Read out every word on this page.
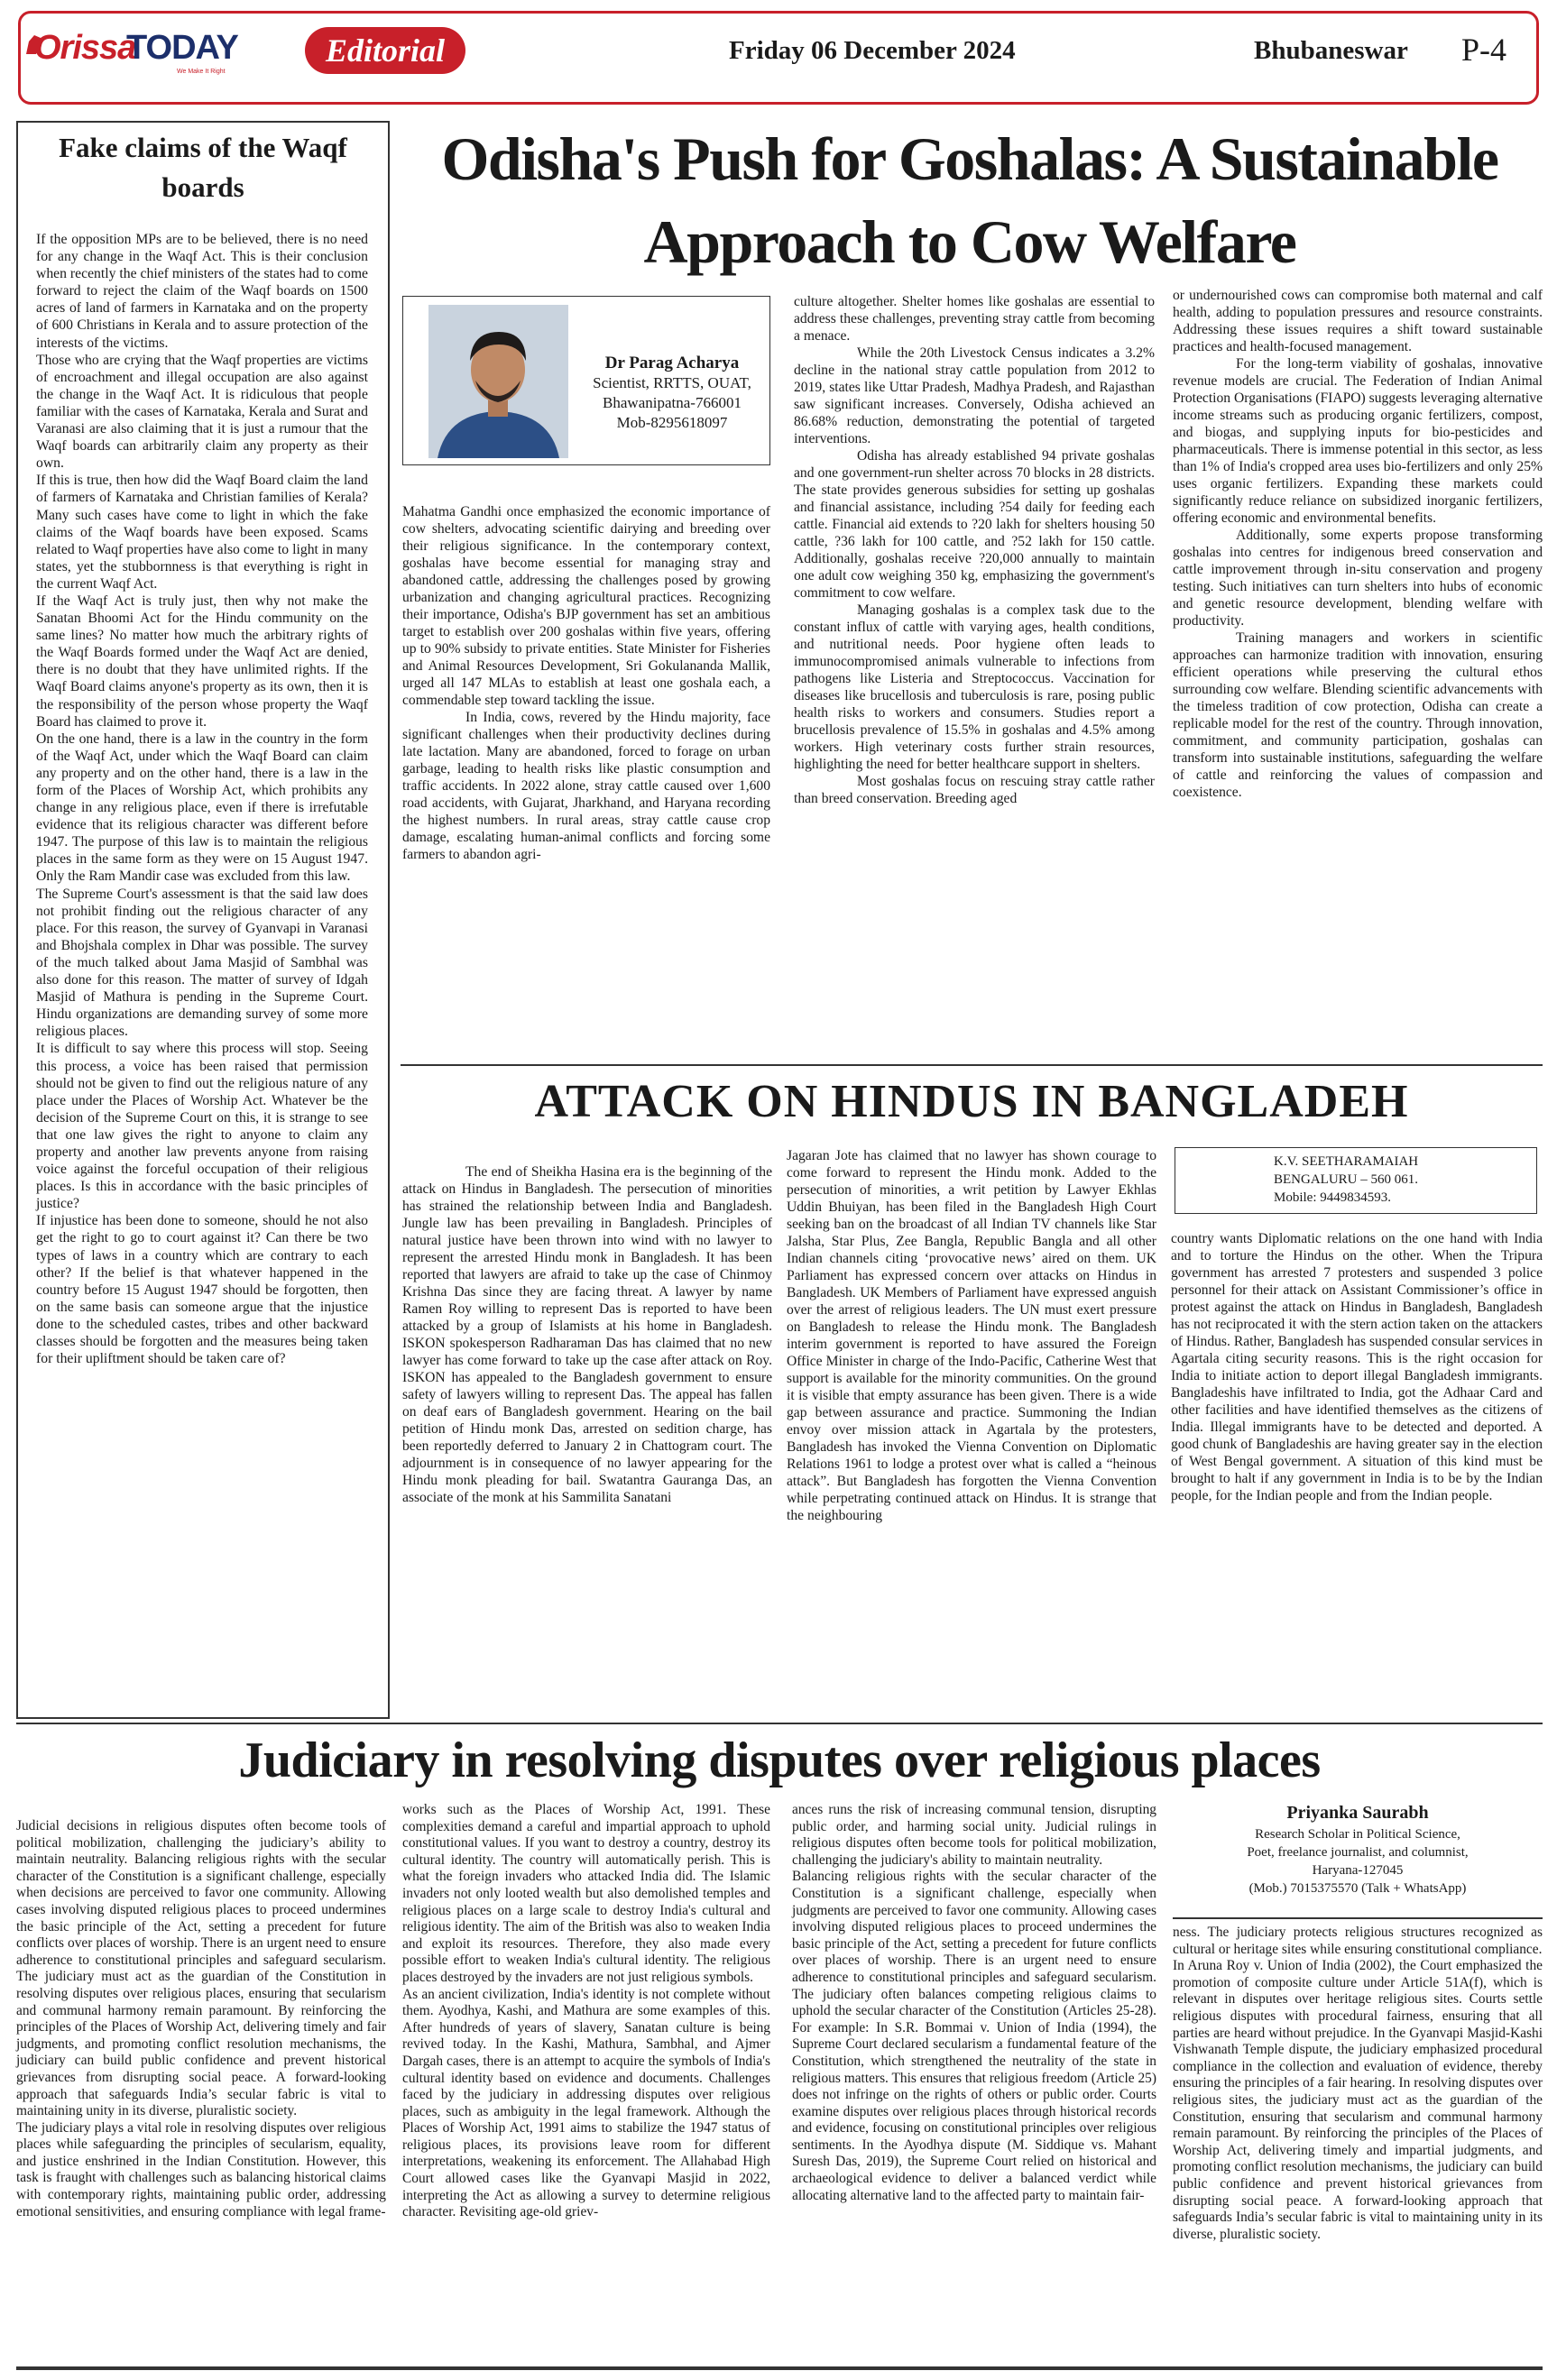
Orissa
TODAY
We Make It Right
Editorial	Friday 06 December 2024	Bhubaneswar P-4
Fake claims of the Waqf boards

If the opposition MPs are to be believed, there is no need for any change in the Waqf Act. This is their conclusion when recently the chief ministers of the states had to come forward to reject the claim of the Waqf boards on 1500 acres of land of farmers in Karnataka and on the property of 600 Christians in Kerala and to assure protection of the interests of the victims.

Those who are crying that the Waqf properties are victims of encroachment and illegal occupation are also against the change in the Waqf Act. It is ridiculous that people familiar with the cases of Karnataka, Kerala and Surat and Varanasi are also claiming that it is just a rumour that the Waqf boards can arbitrarily claim any property as their own.

If this is true, then how did the Waqf Board claim the land of farmers of Karnataka and Christian families of Kerala? Many such cases have come to light in which the fake claims of the Waqf boards have been exposed. Scams related to Waqf properties have also come to light in many states, yet the stubbornness is that everything is right in the current Waqf Act.

If the Waqf Act is truly just, then why not make the Sanatan Bhoomi Act for the Hindu community on the same lines? No matter how much the arbitrary rights of the Waqf Boards formed under the Waqf Act are denied, there is no doubt that they have unlimited rights. If the Waqf Board claims anyone's property as its own, then it is the responsibility of the person whose property the Waqf Board has claimed to prove it.

On the one hand, there is a law in the country in the form of the Waqf Act, under which the Waqf Board can claim any property and on the other hand, there is a law in the form of the Places of Worship Act, which prohibits any change in any religious place, even if there is irrefutable evidence that its religious character was different before 1947. The purpose of this law is to maintain the religious places in the same form as they were on 15 August 1947. Only the Ram Mandir case was excluded from this law.

The Supreme Court's assessment is that the said law does not prohibit finding out the religious character of any place. For this reason, the survey of Gyanvapi in Varanasi and Bhojshala complex in Dhar was possible. The survey of the much talked about Jama Masjid of Sambhal was also done for this reason. The matter of survey of Idgah Masjid of Mathura is pending in the Supreme Court. Hindu organizations are demanding survey of some more religious places.

It is difficult to say where this process will stop. Seeing this process, a voice has been raised that permission should not be given to find out the religious nature of any place under the Places of Worship Act. Whatever be the decision of the Supreme Court on this, it is strange to see that one law gives the right to anyone to claim any property and another law prevents anyone from raising voice against the forceful occupation of their religious places. Is this in accordance with the basic principles of justice?

If injustice has been done to someone, should he not also get the right to go to court against it? Can there be two types of laws in a country which are contrary to each other? If the belief is that whatever happened in the country before 15 August 1947 should be forgotten, then on the same basis can someone argue that the injustice done to the scheduled castes, tribes and other backward classes should be forgotten and the measures being taken for their upliftment should be taken care of?

Odisha's Push for Goshalas: A Sustainable
Approach to Cow Welfare
Dr Parag Acharya
Scientist, RRTTS, OUAT,
Bhawanipatna-766001
Mob-8295618097

Mahatma Gandhi once emphasized the economic importance of cow shelters, advocating scientific dairying and breeding over their religious significance. In the contemporary context, goshalas have become essential for managing stray and abandoned cattle, addressing the challenges posed by growing urbanization and changing agricultural practices. Recognizing their importance, Odisha's BJP government has set an ambitious target to establish over 200 goshalas within five years, offering up to 90% subsidy to private entities. State Minister for Fisheries and Animal Resources Development, Sri Gokulananda Mallik, urged all 147 MLAs to establish at least one goshala each, a commendable step toward tackling the issue.

In India, cows, revered by the Hindu majority, face significant challenges when their productivity declines during late lactation. Many are abandoned, forced to forage on urban garbage, leading to health risks like plastic consumption and traffic accidents. In 2022 alone, stray cattle caused over 1,600 road accidents, with Gujarat, Jharkhand, and Haryana recording the highest numbers. In rural areas, stray cattle cause crop damage, escalating human-animal conflicts and forcing some farmers to abandon agri-

culture altogether. Shelter homes like goshalas are essential to address these challenges, preventing stray cattle from becoming a menace.

While the 20th Livestock Census indicates a 3.2% decline in the national stray cattle population from 2012 to 2019, states like Uttar Pradesh, Madhya Pradesh, and Rajasthan saw significant increases. Conversely, Odisha achieved an 86.68% reduction, demonstrating the potential of targeted interventions.

Odisha has already established 94 private goshalas and one government-run shelter across 70 blocks in 28 districts. The state provides generous subsidies for setting up goshalas and financial assistance, including ?54 daily for feeding each cattle. Financial aid extends to ?20 lakh for shelters housing 50 cattle, ?36 lakh for 100 cattle, and ?52 lakh for 150 cattle. Additionally, goshalas receive ?20,000 annually to maintain one adult cow weighing 350 kg, emphasizing the government's commitment to cow welfare.

Managing goshalas is a complex task due to the constant influx of cattle with varying ages, health conditions, and nutritional needs. Poor hygiene often leads to immunocompromised animals vulnerable to infections from pathogens like Listeria and Streptococcus. Vaccination for diseases like brucellosis and tuberculosis is rare, posing public health risks to workers and consumers. Studies report a brucellosis prevalence of 15.5% in goshalas and 4.5% among workers. High veterinary costs further strain resources, highlighting the need for better healthcare support in shelters.

Most goshalas focus on rescuing stray cattle rather than breed conservation. Breeding aged

or undernourished cows can compromise both maternal and calf health, adding to population pressures and resource constraints. Addressing these issues requires a shift toward sustainable practices and health-focused management.

For the long-term viability of goshalas, innovative revenue models are crucial. The Federation of Indian Animal Protection Organisations (FIAPO) suggests leveraging alternative income streams such as producing organic fertilizers, compost, and biogas, and supplying inputs for bio-pesticides and pharmaceuticals. There is immense potential in this sector, as less than 1% of India's cropped area uses bio-fertilizers and only 25% uses organic fertilizers. Expanding these markets could significantly reduce reliance on subsidized inorganic fertilizers, offering economic and environmental benefits.

Additionally, some experts propose transforming goshalas into centres for indigenous breed conservation and cattle improvement through in-situ conservation and progeny testing. Such initiatives can turn shelters into hubs of economic and genetic resource development, blending welfare with productivity.

Training managers and workers in scientific approaches can harmonize tradition with innovation, ensuring efficient operations while preserving the cultural ethos surrounding cow welfare. Blending scientific advancements with the timeless tradition of cow protection, Odisha can create a replicable model for the rest of the country. Through innovation, commitment, and community participation, goshalas can transform into sustainable institutions, safeguarding the welfare of cattle and reinforcing the values of compassion and coexistence.

ATTACK ON HINDUS IN BANGLADEH

The end of Sheikha Hasina era is the beginning of the attack on Hindus in Bangladesh. The persecution of minorities has strained the relationship between India and Bangladesh. Jungle law has been prevailing in Bangladesh. Principles of natural justice have been thrown into wind with no lawyer to represent the arrested Hindu monk in Bangladesh. It has been reported that lawyers are afraid to take up the case of Chinmoy Krishna Das since they are facing threat. A lawyer by name Ramen Roy willing to represent Das is reported to have been attacked by a group of Islamists at his home in Bangladesh. ISKON spokesperson Radharaman Das has claimed that no new lawyer has come forward to take up the case after attack on Roy. ISKON has appealed to the Bangladesh government to ensure safety of lawyers willing to represent Das. The appeal has fallen on deaf ears of Bangladesh government. Hearing on the bail petition of Hindu monk Das, arrested on sedition charge, has been reportedly deferred to January 2 in Chattogram court. The adjournment is in consequence of no lawyer appearing for the Hindu monk pleading for bail. Swatantra Gauranga Das, an associate of the monk at his Sammilita Sanatani

Jagaran Jote has claimed that no lawyer has shown courage to come forward to represent the Hindu monk. Added to the persecution of minorities, a writ petition by Lawyer Ekhlas Uddin Bhuiyan, has been filed in the Bangladesh High Court seeking ban on the broadcast of all Indian TV channels like Star Jalsha, Star Plus, Zee Bangla, Republic Bangla and all other Indian channels citing ‘provocative news’ aired on them. UK Parliament has expressed concern over attacks on Hindus in Bangladesh. UK Members of Parliament have expressed anguish over the arrest of religious leaders. The UN must exert pressure on Bangladesh to release the Hindu monk. The Bangladesh interim government is reported to have assured the Foreign Office Minister in charge of the Indo-Pacific, Catherine West that support is available for the minority communities. On the ground it is visible that empty assurance has been given. There is a wide gap between assurance and practice. Summoning the Indian envoy over mission attack in Agartala by the protesters, Bangladesh has invoked the Vienna Convention on Diplomatic Relations 1961 to lodge a protest over what is called a “heinous attack”. But Bangladesh has forgotten the Vienna Convention while perpetrating continued attack on Hindus. It is strange that the neighbouring

K.V. SEETHARAMAIAH
BENGALURU – 560 061.
Mobile: 9449834593.

country wants Diplomatic relations on the one hand with India and to torture the Hindus on the other. When the Tripura government has arrested 7 protesters and suspended 3 police personnel for their attack on Assistant Commissioner’s office in protest against the attack on Hindus in Bangladesh, Bangladesh has not reciprocated it with the stern action taken on the attackers of Hindus. Rather, Bangladesh has suspended consular services in Agartala citing security reasons. This is the right occasion for India to initiate action to deport illegal Bangladesh immigrants. Bangladeshis have infiltrated to India, got the Adhaar Card and other facilities and have identified themselves as the citizens of India. Illegal immigrants have to be detected and deported. A good chunk of Bangladeshis are having greater say in the election of West Bengal government. A situation of this kind must be brought to halt if any government in India is to be by the Indian people, for the Indian people and from the Indian people.

Judiciary in resolving disputes over religious places

Judicial decisions in religious disputes often become tools of political mobilization, challenging the judiciary’s ability to maintain neutrality. Balancing religious rights with the secular character of the Constitution is a significant challenge, especially when decisions are perceived to favor one community. Allowing cases involving disputed religious places to proceed undermines the basic principle of the Act, setting a precedent for future conflicts over places of worship. There is an urgent need to ensure adherence to constitutional principles and safeguard secularism. The judiciary must act as the guardian of the Constitution in resolving disputes over religious places, ensuring that secularism and communal harmony remain paramount. By reinforcing the principles of the Places of Worship Act, delivering timely and fair judgments, and promoting conflict resolution mechanisms, the judiciary can build public confidence and prevent historical grievances from disrupting social peace. A forward-looking approach that safeguards India’s secular fabric is vital to maintaining unity in its diverse, pluralistic society.

The judiciary plays a vital role in resolving disputes over religious places while safeguarding the principles of secularism, equality, and justice enshrined in the Indian Constitution. However, this task is fraught with challenges such as balancing historical claims with contemporary rights, maintaining public order, addressing emotional sensitivities, and ensuring compliance with legal frame-

works such as the Places of Worship Act, 1991. These complexities demand a careful and impartial approach to uphold constitutional values. If you want to destroy a country, destroy its cultural identity. The country will automatically perish. This is what the foreign invaders who attacked India did. The Islamic invaders not only looted wealth but also demolished temples and religious places on a large scale to destroy India's cultural and religious identity. The aim of the British was also to weaken India and exploit its resources. Therefore, they also made every possible effort to weaken India's cultural identity. The religious places destroyed by the invaders are not just religious symbols.

As an ancient civilization, India's identity is not complete without them. Ayodhya, Kashi, and Mathura are some examples of this. After hundreds of years of slavery, Sanatan culture is being revived today. In the Kashi, Mathura, Sambhal, and Ajmer Dargah cases, there is an attempt to acquire the symbols of India's cultural identity based on evidence and documents. Challenges faced by the judiciary in addressing disputes over religious places, such as ambiguity in the legal framework. Although the Places of Worship Act, 1991 aims to stabilize the 1947 status of religious places, its provisions leave room for different interpretations, weakening its enforcement. The Allahabad High Court allowed cases like the Gyanvapi Masjid in 2022, interpreting the Act as allowing a survey to determine religious character. Revisiting age-old griev-

ances runs the risk of increasing communal tension, disrupting public order, and harming social unity. Judicial rulings in religious disputes often become tools for political mobilization, challenging the judiciary's ability to maintain neutrality.

Balancing religious rights with the secular character of the Constitution is a significant challenge, especially when judgments are perceived to favor one community. Allowing cases involving disputed religious places to proceed undermines the basic principle of the Act, setting a precedent for future conflicts over places of worship. There is an urgent need to ensure adherence to constitutional principles and safeguard secularism. The judiciary often balances competing religious claims to uphold the secular character of the Constitution (Articles 25-28). For example: In S.R. Bommai v. Union of India (1994), the Supreme Court declared secularism a fundamental feature of the Constitution, which strengthened the neutrality of the state in religious matters. This ensures that religious freedom (Article 25) does not infringe on the rights of others or public order. Courts examine disputes over religious places through historical records and evidence, focusing on constitutional principles over religious sentiments. In the Ayodhya dispute (M. Siddique vs. Mahant Suresh Das, 2019), the Supreme Court relied on historical and archaeological evidence to deliver a balanced verdict while allocating alternative land to the affected party to maintain fair-

Priyanka Saurabh
Research Scholar in Political Science,
Poet, freelance journalist, and columnist,
Haryana-127045
(Mob.) 7015375570 (Talk + WhatsApp)

ness. The judiciary protects religious structures recognized as cultural or heritage sites while ensuring constitutional compliance.

In Aruna Roy v. Union of India (2002), the Court emphasized the promotion of composite culture under Article 51A(f), which is relevant in disputes over heritage religious sites. Courts settle religious disputes with procedural fairness, ensuring that all parties are heard without prejudice. In the Gyanvapi Masjid-Kashi Vishwanath Temple dispute, the judiciary emphasized procedural compliance in the collection and evaluation of evidence, thereby ensuring the principles of a fair hearing. In resolving disputes over religious sites, the judiciary must act as the guardian of the Constitution, ensuring that secularism and communal harmony remain paramount. By reinforcing the principles of the Places of Worship Act, delivering timely and impartial judgments, and promoting conflict resolution mechanisms, the judiciary can build public confidence and prevent historical grievances from disrupting social peace. A forward-looking approach that safeguards India’s secular fabric is vital to maintaining unity in its diverse, pluralistic society.
